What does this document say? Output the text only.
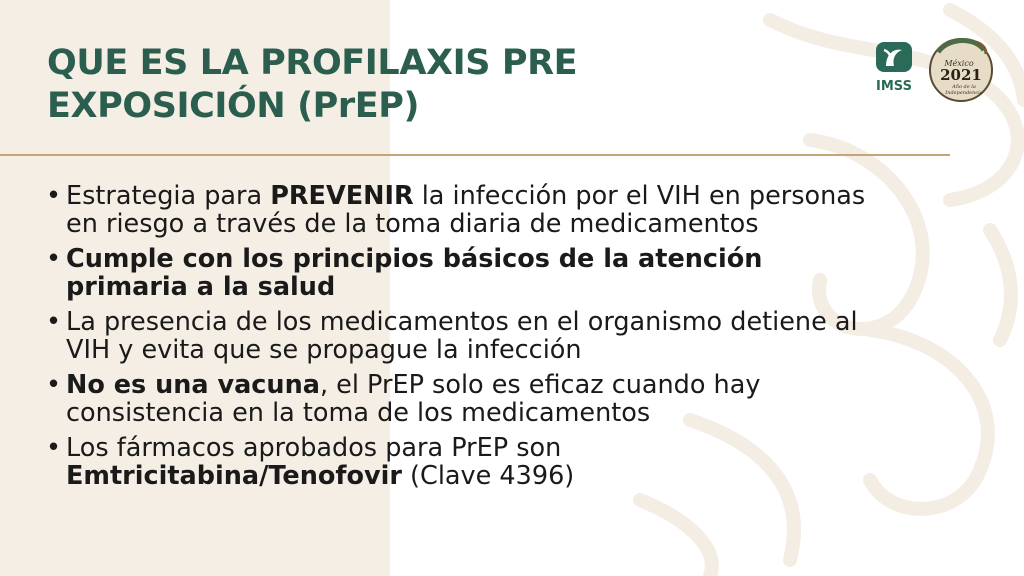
QUE ES LA PROFILAXIS PRE
EXPOSICIÓN (PrEP)	IMSS
México
2021
Año de la
Independencia
• Estrategia para PREVENIR la infección por el VIH en personas en riesgo a través de la toma diaria de medicamentos
• Cumple con los principios básicos de la atención primaria a la salud
• La presencia de los medicamentos en el organismo detiene al VIH y evita que se propague la infección
• No es una vacuna, el PrEP solo es eficaz cuando hay consistencia en la toma de los medicamentos
• Los fármacos aprobados para PrEP son Emtricitabina/Tenofovir (Clave 4396)
